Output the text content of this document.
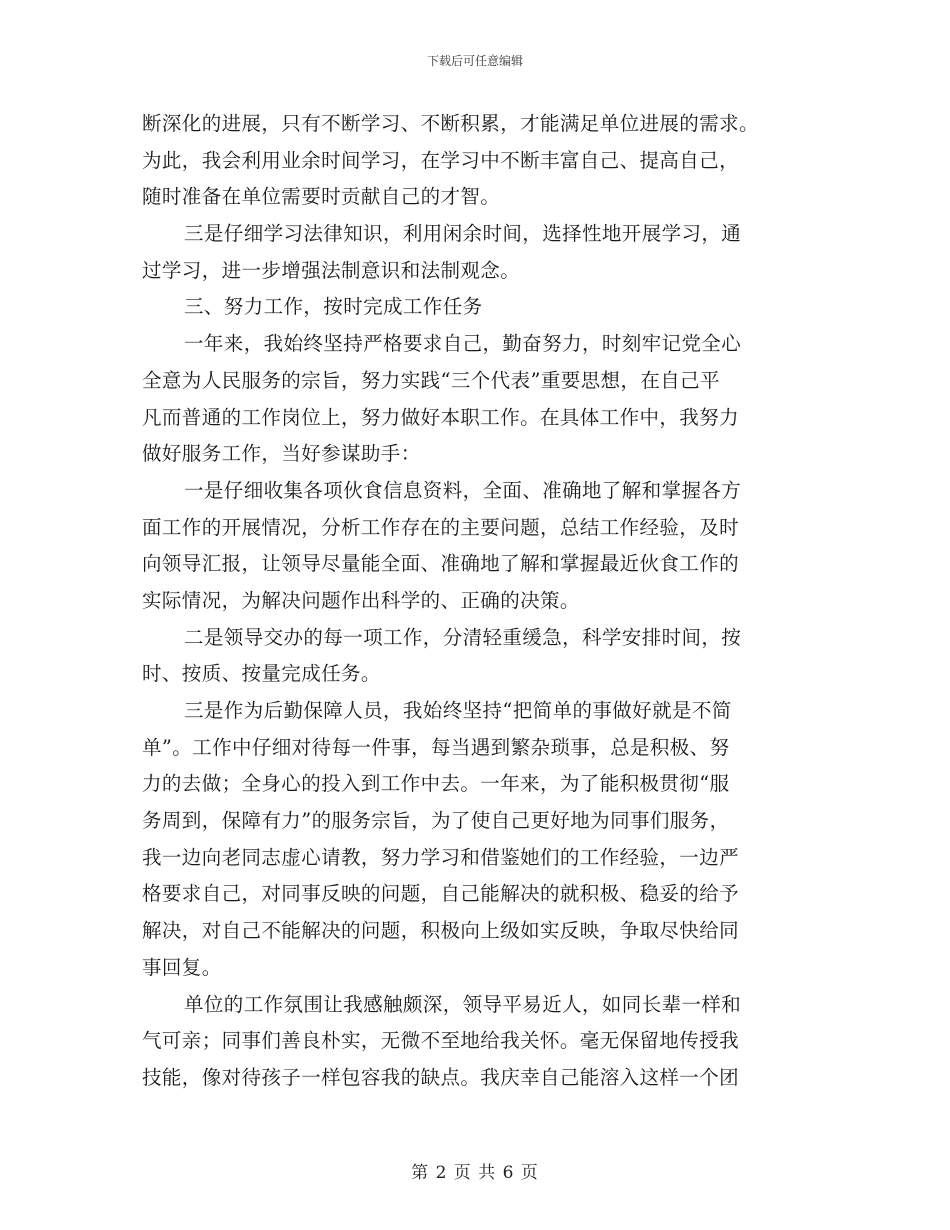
下载后可任意编辑
断深化的进展，只有不断学习、不断积累，才能满足单位进展的需求。
为此，我会利用业余时间学习，在学习中不断丰富自己、提高自己，
随时准备在单位需要时贡献自己的才智。
三是仔细学习法律知识，利用闲余时间，选择性地开展学习，通
过学习，进一步增强法制意识和法制观念。
三、努力工作，按时完成工作任务
一年来，我始终坚持严格要求自己，勤奋努力，时刻牢记党全心
全意为人民服务的宗旨，努力实践“三个代表”重要思想，在自己平
凡而普通的工作岗位上，努力做好本职工作。在具体工作中，我努力
做好服务工作，当好参谋助手：
一是仔细收集各项伙食信息资料，全面、准确地了解和掌握各方
面工作的开展情况，分析工作存在的主要问题，总结工作经验，及时
向领导汇报，让领导尽量能全面、准确地了解和掌握最近伙食工作的
实际情况，为解决问题作出科学的、正确的决策。
二是领导交办的每一项工作，分清轻重缓急，科学安排时间，按
时、按质、按量完成任务。
三是作为后勤保障人员，我始终坚持“把简单的事做好就是不简
单”。工作中仔细对待每一件事，每当遇到繁杂琐事，总是积极、努
力的去做；全身心的投入到工作中去。一年来，为了能积极贯彻“服
务周到，保障有力”的服务宗旨，为了使自己更好地为同事们服务，
我一边向老同志虚心请教，努力学习和借鉴她们的工作经验，一边严
格要求自己，对同事反映的问题，自己能解决的就积极、稳妥的给予
解决，对自己不能解决的问题，积极向上级如实反映，争取尽快给同
事回复。
单位的工作氛围让我感触颇深，领导平易近人，如同长辈一样和
气可亲；同事们善良朴实，无微不至地给我关怀。毫无保留地传授我
技能，像对待孩子一样包容我的缺点。我庆幸自己能溶入这样一个团
第 2 页 共 6 页
